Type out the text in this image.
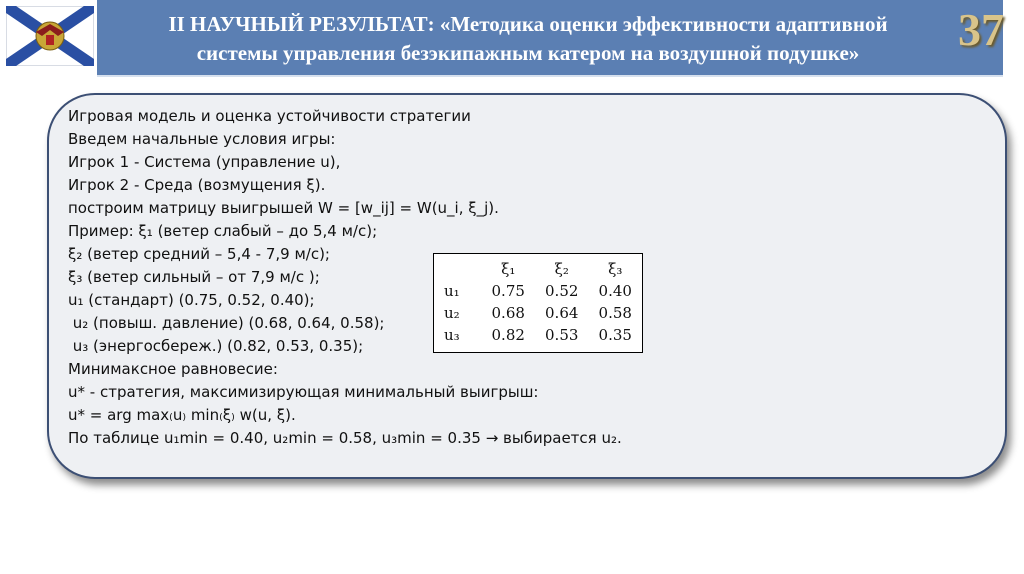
II НАУЧНЫЙ РЕЗУЛЬТАТ: «Методика оценки эффективности адаптивной
системы управления безэкипажным катером на воздушной подушке»	37
Игровая модель и оценка устойчивости стратегии
Введем начальные условия игры:
Игрок 1 - Система (управление u),
Игрок 2 - Среда (возмущения ξ).
построим матрицу выигрышей W = [w_ij] = W(u_i, ξ_j).
Пример: ξ₁ (ветер слабый – до 5,4 м/с);
ξ₂ (ветер средний – 5,4 - 7,9 м/с);
ξ₃ (ветер сильный – от 7,9 м/с );
u₁ (стандарт) (0.75, 0.52, 0.40);
u₂ (повыш. давление) (0.68, 0.64, 0.58);
u₃ (энергосбереж.) (0.82, 0.53, 0.35);
Минимаксное равновесие:
u* - стратегия, максимизирующая минимальный выигрыш:
u* = arg max₍u₎ min₍ξ₎ w(u, ξ).
По таблице u₁min = 0.40, u₂min = 0.58, u₃min = 0.35 → выбирается u₂.
	ξ₁	ξ₂	ξ₃
u₁	0.75	0.52	0.40
u₂	0.68	0.64	0.58
u₃	0.82	0.53	0.35
